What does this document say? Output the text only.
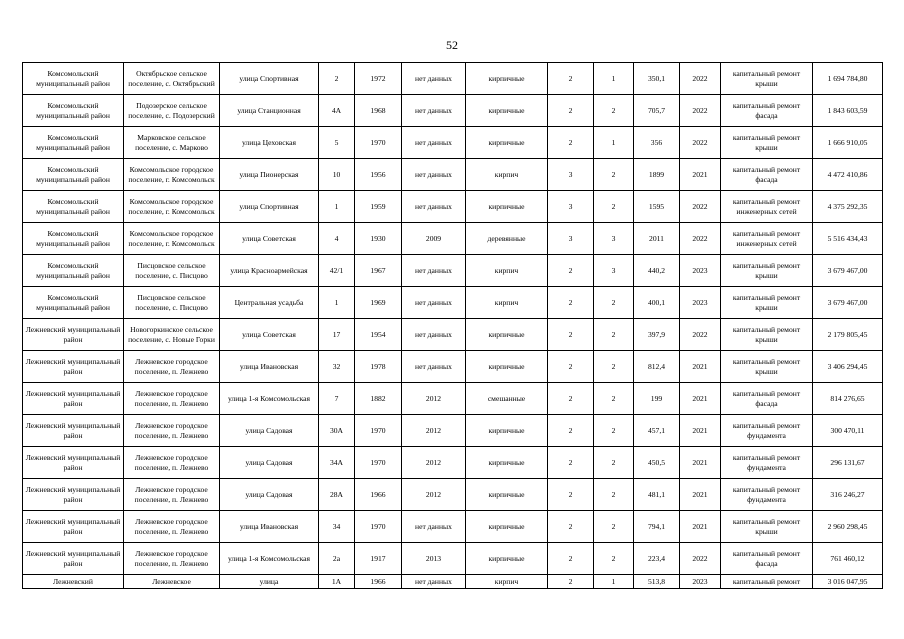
52
Комсомольский муниципальный район	Октябрьское сельское поселение, с. Октябрьский	улица Спортивная	2	1972	нет данных	кирпичные	2	1	350,1	2022	капитальный ремонт крыши	1 694 784,80
Комсомольский муниципальный район	Подозерское сельское поселение, с. Подозерский	улица Станционная	4А	1968	нет данных	кирпичные	2	2	705,7	2022	капитальный ремонт фасада	1 843 603,59
Комсомольский муниципальный район	Марковское сельское поселение, с. Марково	улица Цеховская	5	1970	нет данных	кирпичные	2	1	356	2022	капитальный ремонт крыши	1 666 910,05
Комсомольский муниципальный район	Комсомольское городское поселение, г. Комсомольск	улица Пионерская	10	1956	нет данных	кирпич	3	2	1899	2021	капитальный ремонт фасада	4 472 410,86
Комсомольский муниципальный район	Комсомольское городское поселение, г. Комсомольск	улица Спортивная	1	1959	нет данных	кирпичные	3	2	1595	2022	капитальный ремонт инженерных сетей	4 375 292,35
Комсомольский муниципальный район	Комсомольское городское поселение, г. Комсомольск	улица Советская	4	1930	2009	деревянные	3	3	2011	2022	капитальный ремонт инженерных сетей	5 516 434,43
Комсомольский муниципальный район	Писцовское сельское поселение, с. Писцово	улица Красноармейская	42/1	1967	нет данных	кирпич	2	3	440,2	2023	капитальный ремонт крыши	3 679 467,00
Комсомольский муниципальный район	Писцовское сельское поселение, с. Писцово	Центральная усадьба	1	1969	нет данных	кирпич	2	2	400,1	2023	капитальный ремонт крыши	3 679 467,00
Лежневский муниципальный район	Новогоркинское сельское поселение, с. Новые Горки	улица Советская	17	1954	нет данных	кирпичные	2	2	397,9	2022	капитальный ремонт крыши	2 179 805,45
Лежневский муниципальный район	Лежневское городское поселение, п. Лежнево	улица Ивановская	32	1978	нет данных	кирпичные	2	2	812,4	2021	капитальный ремонт крыши	3 406 294,45
Лежневский муниципальный район	Лежневское городское поселение, п. Лежнево	улица 1-я Комсомольская	7	1882	2012	смешанные	2	2	199	2021	капитальный ремонт фасада	814 276,65
Лежневский муниципальный район	Лежневское городское поселение, п. Лежнево	улица Садовая	30А	1970	2012	кирпичные	2	2	457,1	2021	капитальный ремонт фундамента	300 470,11
Лежневский муниципальный район	Лежневское городское поселение, п. Лежнево	улица Садовая	34А	1970	2012	кирпичные	2	2	450,5	2021	капитальный ремонт фундамента	296 131,67
Лежневский муниципальный район	Лежневское городское поселение, п. Лежнево	улица Садовая	28А	1966	2012	кирпичные	2	2	481,1	2021	капитальный ремонт фундамента	316 246,27
Лежневский муниципальный район	Лежневское городское поселение, п. Лежнево	улица Ивановская	34	1970	нет данных	кирпичные	2	2	794,1	2021	капитальный ремонт крыши	2 960 298,45
Лежневский муниципальный район	Лежневское городское поселение, п. Лежнево	улица 1-я Комсомольская	2а	1917	2013	кирпичные	2	2	223,4	2022	капитальный ремонт фасада	761 460,12
Лежневский	Лежневское	улица	1А	1966	нет данных	кирпич	2	1	513,8	2023	капитальный ремонт	3 016 047,95
